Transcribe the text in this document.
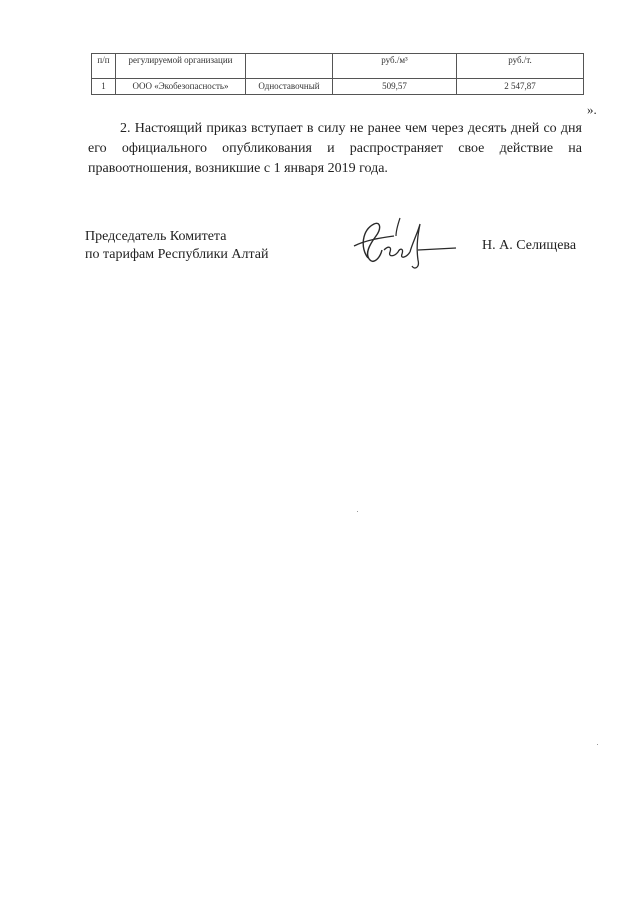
п/п	регулируемой организации		руб./м³	руб./т.
1	ООО «Экобезопасность»	Одноставочный	509,57	2 547,87
».

2. Настоящий приказ вступает в силу не ранее чем через десять дней со дня его официального опубликования и распространяет свое действие на правоотношения, возникшие с 1 января 2019 года.

Председатель Комитета
по тарифам Республики Алтай
Н. А. Селищева
